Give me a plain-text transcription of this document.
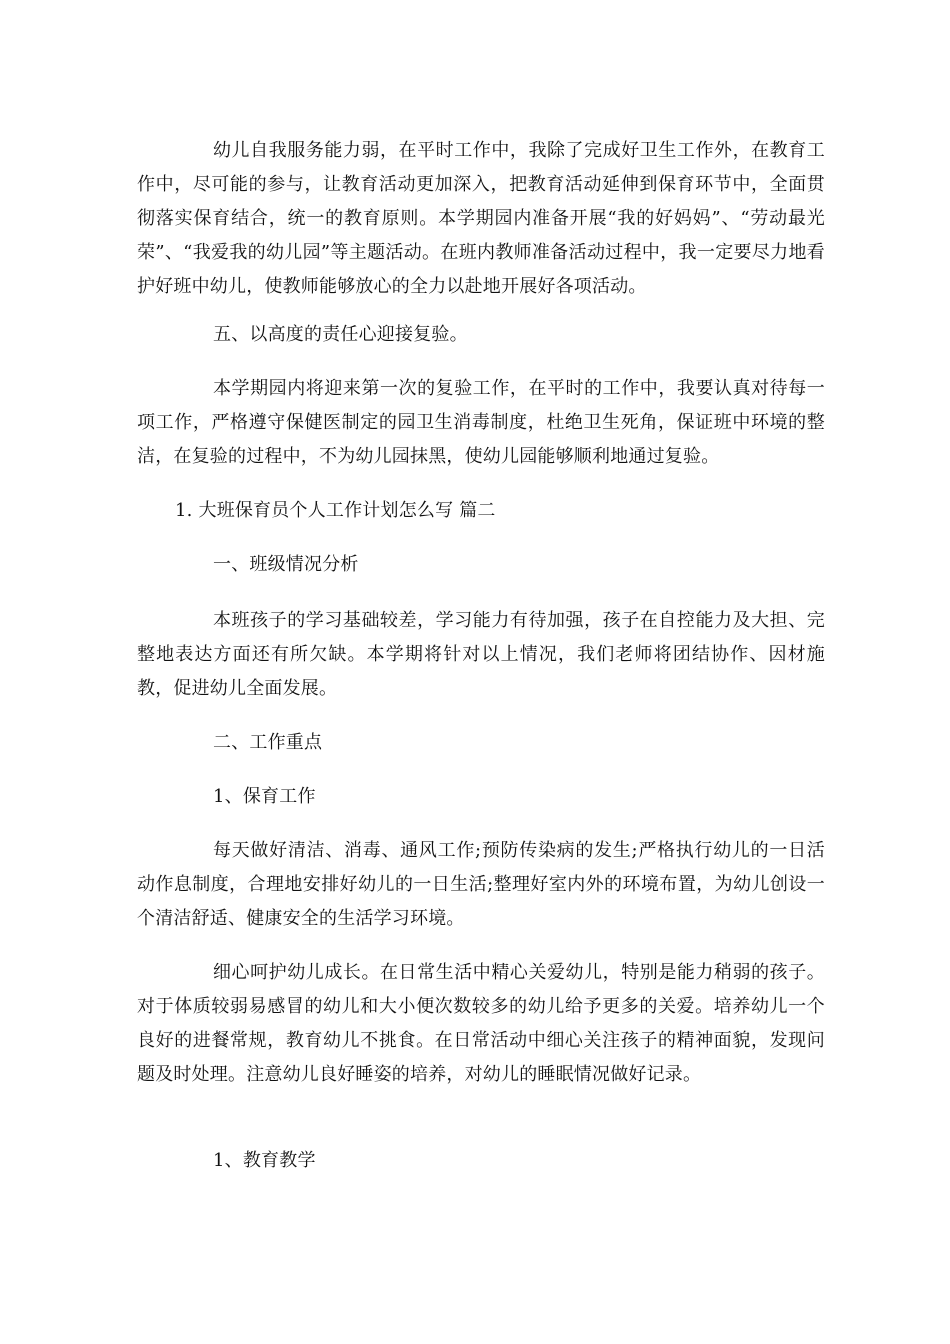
幼儿自我服务能力弱，在平时工作中，我除了完成好卫生工作外，在教育工作中，尽可能的参与，让教育活动更加深入，把教育活动延伸到保育环节中，全面贯彻落实保育结合，统一的教育原则。本学期园内准备开展“我的好妈妈”、“劳动最光荣”、“我爱我的幼儿园”等主题活动。在班内教师准备活动过程中，我一定要尽力地看护好班中幼儿，使教师能够放心的全力以赴地开展好各项活动。

五、以高度的责任心迎接复验。

本学期园内将迎来第一次的复验工作，在平时的工作中，我要认真对待每一项工作，严格遵守保健医制定的园卫生消毒制度，杜绝卫生死角，保证班中环境的整洁，在复验的过程中，不为幼儿园抹黑，使幼儿园能够顺利地通过复验。

1. 大班保育员个人工作计划怎么写 篇二

一、班级情况分析

本班孩子的学习基础较差，学习能力有待加强，孩子在自控能力及大担、完整地表达方面还有所欠缺。本学期将针对以上情况，我们老师将团结协作、因材施教，促进幼儿全面发展。

二、工作重点

1、保育工作

每天做好清洁、消毒、通风工作;预防传染病的发生;严格执行幼儿的一日活动作息制度，合理地安排好幼儿的一日生活;整理好室内外的环境布置，为幼儿创设一个清洁舒适、健康安全的生活学习环境。

细心呵护幼儿成长。在日常生活中精心关爱幼儿，特别是能力稍弱的孩子。对于体质较弱易感冒的幼儿和大小便次数较多的幼儿给予更多的关爱。培养幼儿一个良好的进餐常规，教育幼儿不挑食。在日常活动中细心关注孩子的精神面貌，发现问题及时处理。注意幼儿良好睡姿的培养，对幼儿的睡眠情况做好记录。

1、教育教学
